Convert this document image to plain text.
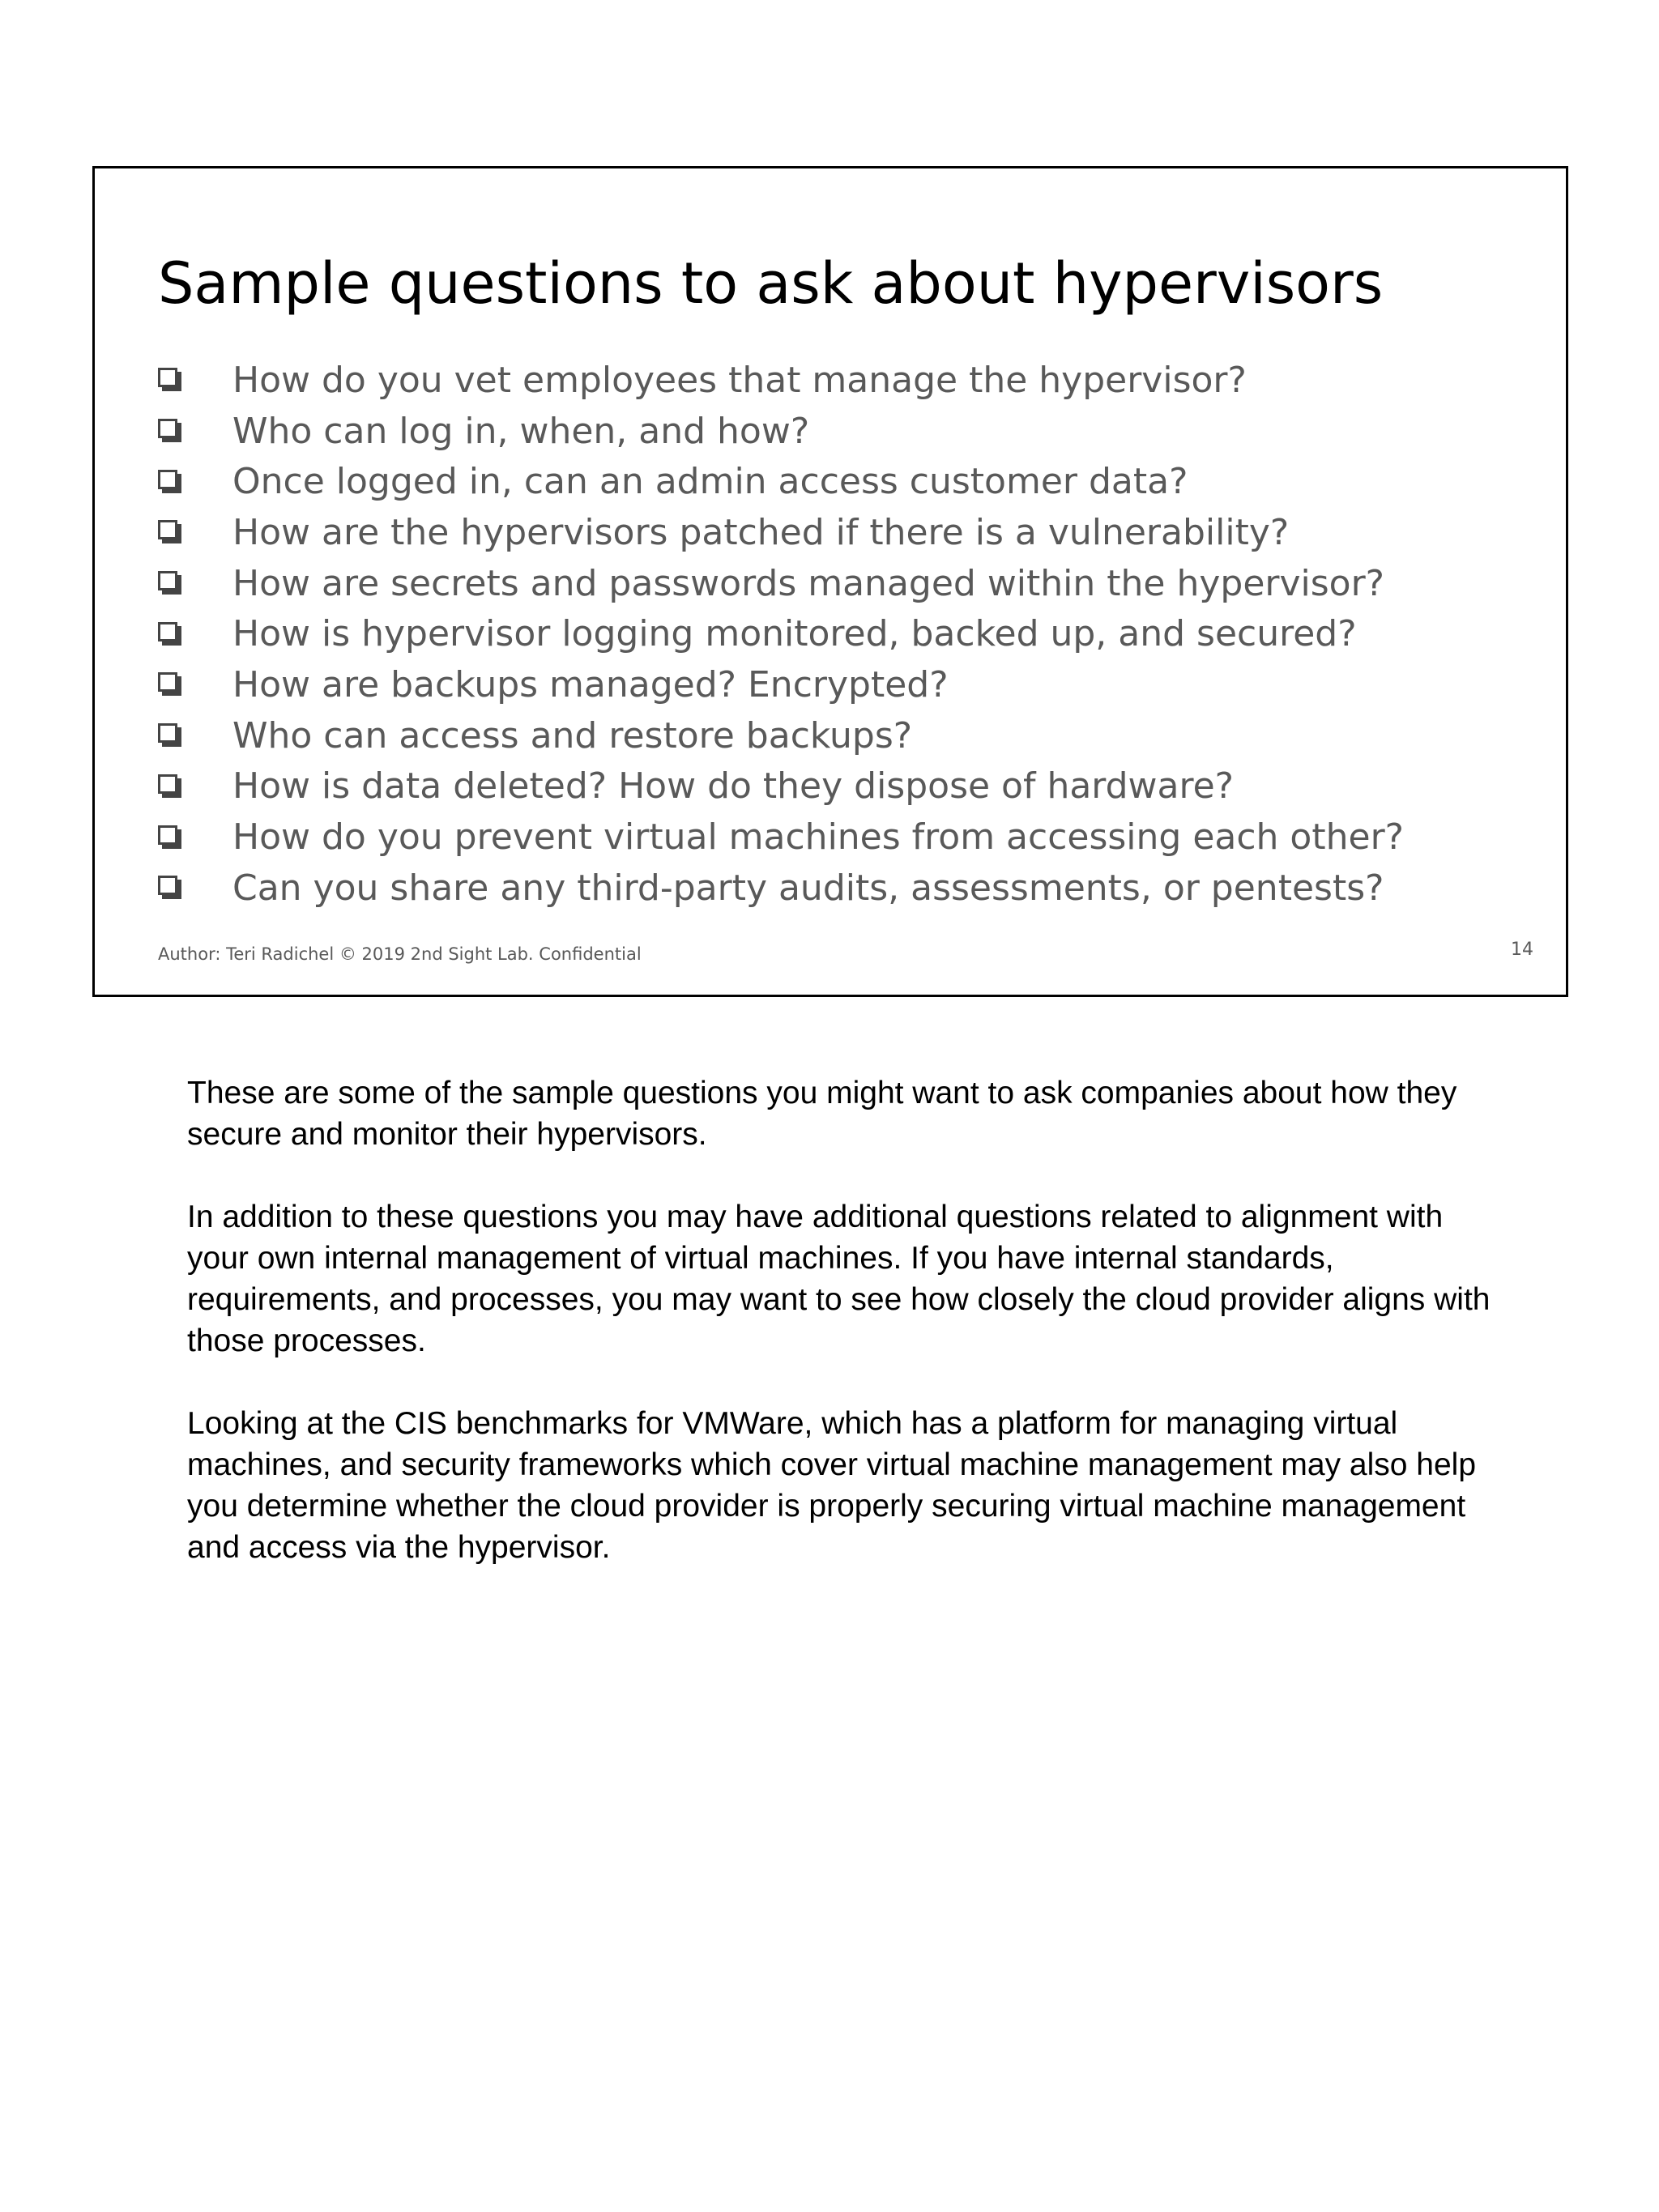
Sample questions to ask about hypervisors
How do you vet employees that manage the hypervisor?
Who can log in, when, and how?
Once logged in, can an admin access customer data?
How are the hypervisors patched if there is a vulnerability?
How are secrets and passwords managed within the hypervisor?
How is hypervisor logging monitored, backed up, and secured?
How are backups managed? Encrypted?
Who can access and restore backups?
How is data deleted? How do they dispose of hardware?
How do you prevent virtual machines from accessing each other?
Can you share any third-party audits, assessments, or pentests?
Author: Teri Radichel © 2019 2nd Sight Lab. Confidential	14

These are some of the sample questions you might want to ask companies about how they secure and monitor their hypervisors.

In addition to these questions you may have additional questions related to alignment with your own internal management of virtual machines. If you have internal standards, requirements, and processes, you may want to see how closely the cloud provider aligns with those processes.

Looking at the CIS benchmarks for VMWare, which has a platform for managing virtual machines, and security frameworks which cover virtual machine management may also help you determine whether the cloud provider is properly securing virtual machine management and access via the hypervisor.
